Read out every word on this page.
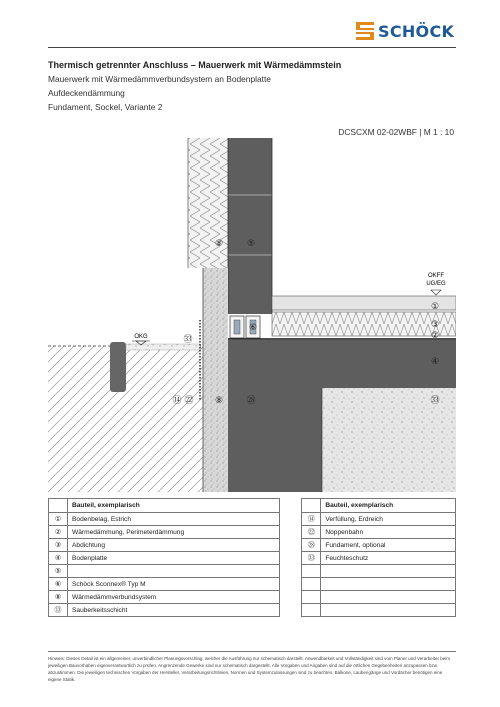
SCHÖCK
Thermisch getrennter Anschluss – Mauerwerk mit Wärmedämmstein
Mauerwerk mit Wärmedämmverbundsystem an Bodenplatte
Aufdeckendämmung
Fundament, Sockel, Variante 2
DCSCXM 02-02WBF | M 1 : 10
OKFF
UG/EG
OKG
⑧	⑤
⑥
㉝
①
③
②
④
⑭ ㉒ ⑧	㉘	㉝
	Bauteil, exemplarisch			Bauteil, exemplarisch
①	Bodenbelag, Estrich		⑭	Verfüllung, Erdreich
②	Wärmedämmung, Perimeterdämmung		㉒	Noppenbahn
③	Abdichtung		㉘	Fundament, optional
④	Bodenplatte		㉝	Feuchteschutz
⑤				
⑥	Schöck Sconnex® Typ M			
⑧	Wärmedämmverbundsystem			
⑬	Sauberkeitsschicht			
Hinweis: Dieses Detail ist ein allgemeiner, unverbindlicher Planungsvorschlag, welcher die Ausführung nur schematisch darstellt. Anwendbarkeit und Vollständigkeit sind vom Planer und Verarbeiter beim jeweiligen Bauvorhaben eigenverantwortlich zu prüfen. Angrenzende Gewerke sind nur schematisch dargestellt. Alle Vorgaben und Angaben sind auf die örtlichen Gegebenheiten anzupassen bzw. abzustimmen. Die jeweiligen technischen Vorgaben der Hersteller, Verarbeitungsrichtlinien, Normen und Systemzulassungen sind zu beachten. Balkone, Laubengänge und Vordächer benötigen eine eigene Statik.
